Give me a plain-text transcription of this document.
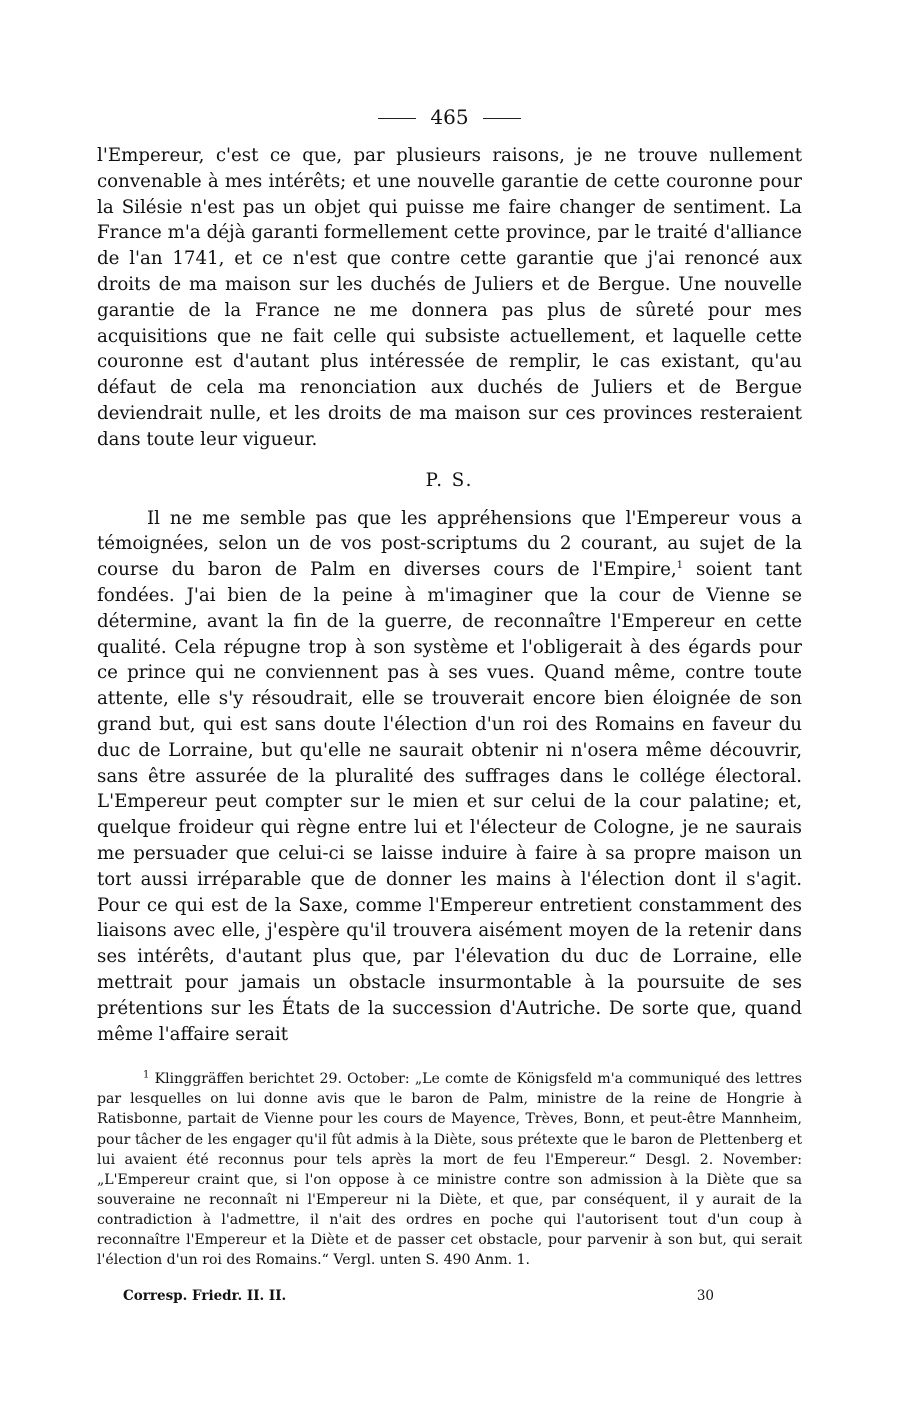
465

l'Empereur, c'est ce que, par plusieurs raisons, je ne trouve nullement convenable à mes intérêts; et une nouvelle garantie de cette couronne pour la Silésie n'est pas un objet qui puisse me faire changer de sentiment. La France m'a déjà garanti formellement cette province, par le traité d'alliance de l'an 1741, et ce n'est que contre cette garantie que j'ai renoncé aux droits de ma maison sur les duchés de Juliers et de Bergue. Une nouvelle garantie de la France ne me donnera pas plus de sûreté pour mes acquisitions que ne fait celle qui subsiste actuellement, et laquelle cette couronne est d'autant plus intéressée de remplir, le cas existant, qu'au défaut de cela ma renonciation aux duchés de Juliers et de Bergue deviendrait nulle, et les droits de ma maison sur ces provinces resteraient dans toute leur vigueur.

P. S.

Il ne me semble pas que les appréhensions que l'Empereur vous a témoignées, selon un de vos post-scriptums du 2 courant, au sujet de la course du baron de Palm en diverses cours de l'Empire,$^1$ soient tant fondées. J'ai bien de la peine à m'imaginer que la cour de Vienne se détermine, avant la fin de la guerre, de reconnaître l'Empereur en cette qualité. Cela répugne trop à son système et l'obligerait à des égards pour ce prince qui ne conviennent pas à ses vues. Quand même, contre toute attente, elle s'y résoudrait, elle se trouverait encore bien éloignée de son grand but, qui est sans doute l'élection d'un roi des Romains en faveur du duc de Lorraine, but qu'elle ne saurait obtenir ni n'osera même découvrir, sans être assurée de la pluralité des suffrages dans le collége électoral. L'Empereur peut compter sur le mien et sur celui de la cour palatine; et, quelque froideur qui règne entre lui et l'électeur de Cologne, je ne saurais me persuader que celui-ci se laisse induire à faire à sa propre maison un tort aussi irréparable que de donner les mains à l'élection dont il s'agit. Pour ce qui est de la Saxe, comme l'Empereur entretient constamment des liaisons avec elle, j'espère qu'il trouvera aisément moyen de la retenir dans ses intérêts, d'autant plus que, par l'élevation du duc de Lorraine, elle mettrait pour jamais un obstacle insurmontable à la poursuite de ses prétentions sur les États de la succession d'Autriche. De sorte que, quand même l'affaire serait

$^1$ Klinggräffen berichtet 29. October: „Le comte de Königsfeld m'a communiqué des lettres par lesquelles on lui donne avis que le baron de Palm, ministre de la reine de Hongrie à Ratisbonne, partait de Vienne pour les cours de Mayence, Trèves, Bonn, et peut-être Mannheim, pour tâcher de les engager qu'il fût admis à la Diète, sous prétexte que le baron de Plettenberg et lui avaient été reconnus pour tels après la mort de feu l'Empereur.“ Desgl. 2. November: „L'Empereur craint que, si l'on oppose à ce ministre contre son admission à la Diète que sa souveraine ne reconnaît ni l'Empereur ni la Diète, et que, par conséquent, il y aurait de la contradiction à l'admettre, il n'ait des ordres en poche qui l'autorisent tout d'un coup à reconnaître l'Empereur et la Diète et de passer cet obstacle, pour parvenir à son but, qui serait l'élection d'un roi des Romains.“ Vergl. unten S. 490 Anm. 1.

Corresp. Friedr. II. II.	30
